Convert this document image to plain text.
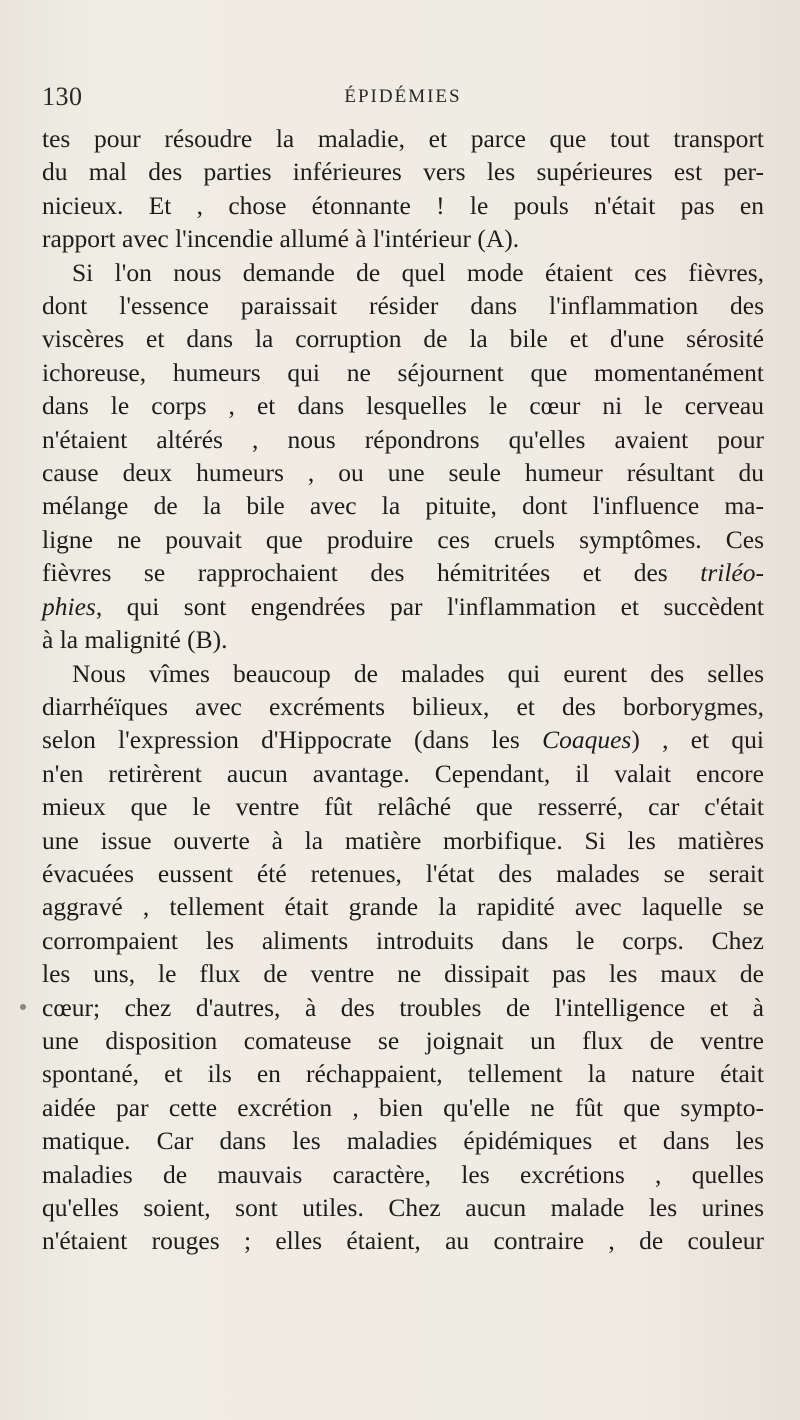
130	ÉPIDÉMIES
tes pour résoudre la maladie, et parce que tout transport
du mal des parties inférieures vers les supérieures est per-
nicieux. Et , chose étonnante ! le pouls n'était pas en
rapport avec l'incendie allumé à l'intérieur (A).
Si l'on nous demande de quel mode étaient ces fièvres,
dont l'essence paraissait résider dans l'inflammation des
viscères et dans la corruption de la bile et d'une sérosité
ichoreuse, humeurs qui ne séjournent que momentanément
dans le corps , et dans lesquelles le cœur ni le cerveau
n'étaient altérés , nous répondrons qu'elles avaient pour
cause deux humeurs , ou une seule humeur résultant du
mélange de la bile avec la pituite, dont l'influence ma-
ligne ne pouvait que produire ces cruels symptômes. Ces
fièvres se rapprochaient des hémitritées et des triléo-
phies, qui sont engendrées par l'inflammation et succèdent
à la malignité (B).
Nous vîmes beaucoup de malades qui eurent des selles
diarrhéïques avec excréments bilieux, et des borborygmes,
selon l'expression d'Hippocrate (dans les Coaques) , et qui
n'en retirèrent aucun avantage. Cependant, il valait encore
mieux que le ventre fût relâché que resserré, car c'était
une issue ouverte à la matière morbifique. Si les matières
évacuées eussent été retenues, l'état des malades se serait
aggravé , tellement était grande la rapidité avec laquelle se
corrompaient les aliments introduits dans le corps. Chez
les uns, le flux de ventre ne dissipait pas les maux de
cœur; chez d'autres, à des troubles de l'intelligence et à
une disposition comateuse se joignait un flux de ventre
spontané, et ils en réchappaient, tellement la nature était
aidée par cette excrétion , bien qu'elle ne fût que sympto-
matique. Car dans les maladies épidémiques et dans les
maladies de mauvais caractère, les excrétions , quelles
qu'elles soient, sont utiles. Chez aucun malade les urines
n'étaient rouges ; elles étaient, au contraire , de couleur
